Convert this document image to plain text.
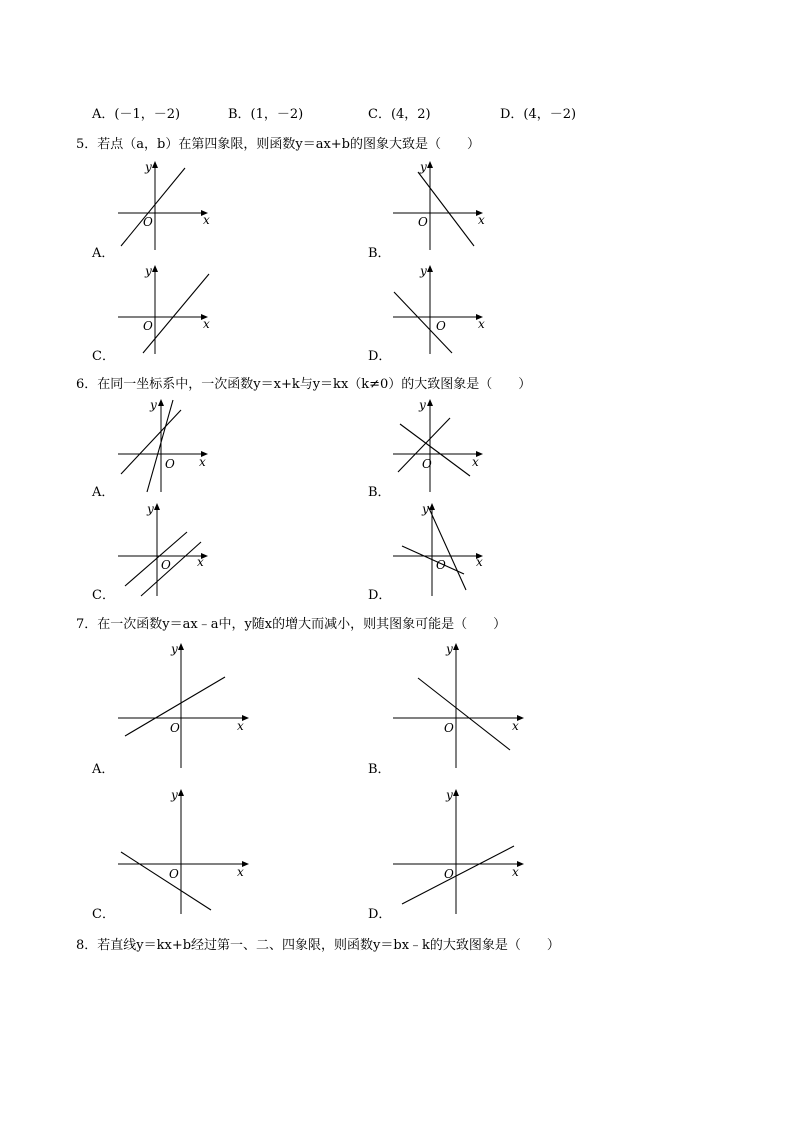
A．(－1，－2)	B．(1，－2)	C．(4，2)	D．(4，－2)
5．若点（a，b）在第四象限，则函数y＝ax+b的图象大致是（　　）
y
x
O
A．
y
x
O
B．
y
x
O
C．
y
x
O
D．
6．在同一坐标系中，一次函数y＝x+k与y＝kx（k≠0）的大致图象是（　　）
y
x
O
A．
y
x
O
B．
y
x
O
C．
y
x
O
D．
7．在一次函数y＝ax﹣a中，y随x的增大而减小，则其图象可能是（　　）
y
x
O
A．
y
x
O
B．
y
x
O
C．
y
x
O
D．
8．若直线y＝kx+b经过第一、二、四象限，则函数y＝bx﹣k的大致图象是（　　）
